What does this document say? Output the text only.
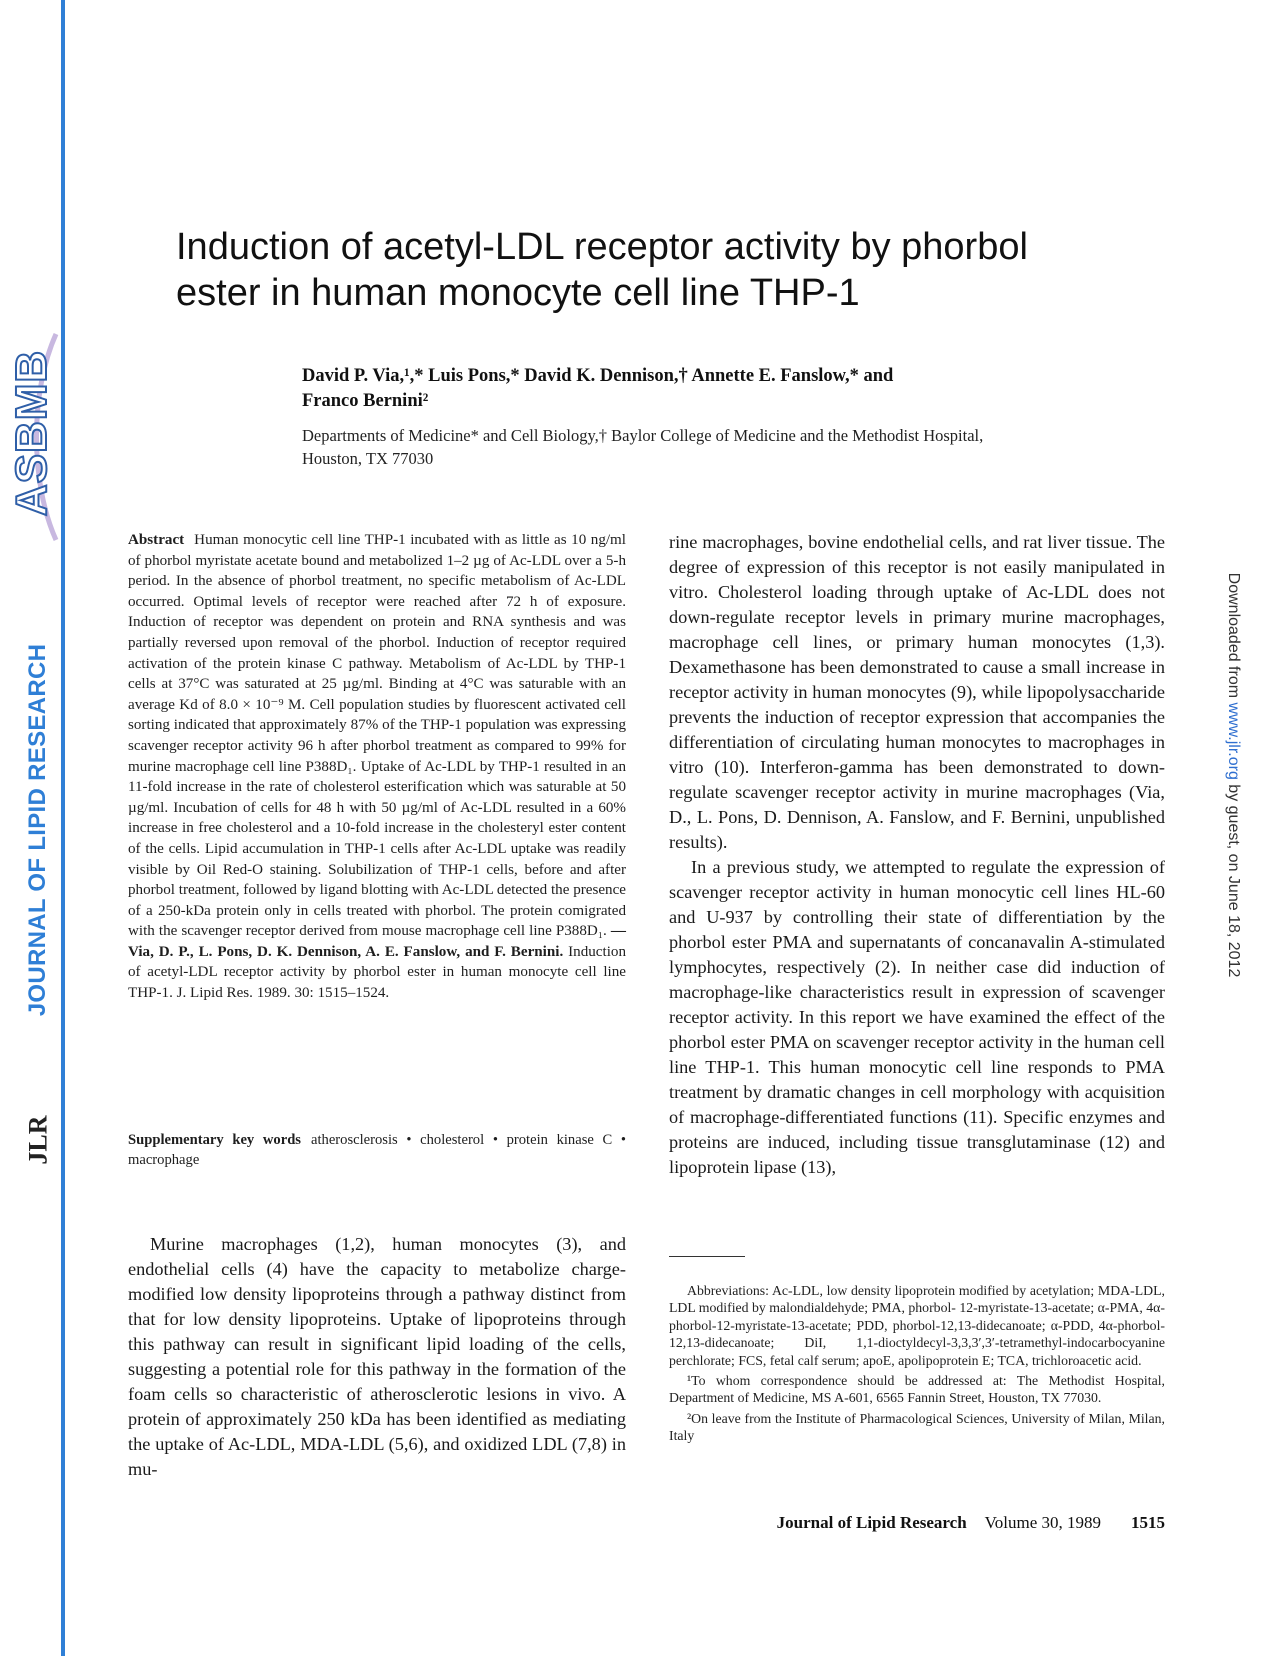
ASBMB
JOURNAL OF LIPID RESEARCH
JLR
Downloaded from www.jlr.org by guest, on June 18, 2012
Induction of acetyl-LDL receptor activity by phorbol
ester in human monocyte cell line THP-1
David P. Via,¹,* Luis Pons,* David K. Dennison,† Annette E. Fanslow,* and
Franco Bernini²
Departments of Medicine* and Cell Biology,† Baylor College of Medicine and the Methodist Hospital,
Houston, TX 77030
Abstract Human monocytic cell line THP-1 incubated with as little as 10 ng/ml of phorbol myristate acetate bound and metabolized 1–2 µg of Ac-LDL over a 5-h period. In the absence of phorbol treatment, no specific metabolism of Ac-LDL occurred. Optimal levels of receptor were reached after 72 h of exposure. Induction of receptor was dependent on protein and RNA synthesis and was partially reversed upon removal of the phorbol. Induction of receptor required activation of the protein kinase C pathway. Metabolism of Ac-LDL by THP-1 cells at 37°C was saturated at 25 µg/ml. Binding at 4°C was saturable with an average Kd of 8.0 × 10⁻⁹ M. Cell population studies by fluorescent activated cell sorting indicated that approximately 87% of the THP-1 population was expressing scavenger receptor activity 96 h after phorbol treatment as compared to 99% for murine macrophage cell line P388D₁. Uptake of Ac-LDL by THP-1 resulted in an 11-fold increase in the rate of cholesterol esterification which was saturable at 50 µg/ml. Incubation of cells for 48 h with 50 µg/ml of Ac-LDL resulted in a 60% increase in free cholesterol and a 10-fold increase in the cholesteryl ester content of the cells. Lipid accumulation in THP-1 cells after Ac-LDL uptake was readily visible by Oil Red-O staining. Solubilization of THP-1 cells, before and after phorbol treatment, followed by ligand blotting with Ac-LDL detected the presence of a 250-kDa protein only in cells treated with phorbol. The protein comigrated with the scavenger receptor derived from mouse macrophage cell line P388D₁. —Via, D. P., L. Pons, D. K. Dennison, A. E. Fanslow, and F. Bernini. Induction of acetyl-LDL receptor activity by phorbol ester in human monocyte cell line THP-1. J. Lipid Res. 1989. 30: 1515–1524.
Supplementary key words atherosclerosis • cholesterol • protein kinase C • macrophage
Murine macrophages (1,2), human monocytes (3), and endothelial cells (4) have the capacity to metabolize charge-modified low density lipoproteins through a pathway distinct from that for low density lipoproteins. Uptake of lipoproteins through this pathway can result in significant lipid loading of the cells, suggesting a potential role for this pathway in the formation of the foam cells so characteristic of atherosclerotic lesions in vivo. A protein of approximately 250 kDa has been identified as mediating the uptake of Ac-LDL, MDA-LDL (5,6), and oxidized LDL (7,8) in mu-

rine macrophages, bovine endothelial cells, and rat liver tissue. The degree of expression of this receptor is not easily manipulated in vitro. Cholesterol loading through uptake of Ac-LDL does not down-regulate receptor levels in primary murine macrophages, macrophage cell lines, or primary human monocytes (1,3). Dexamethasone has been demonstrated to cause a small increase in receptor activity in human monocytes (9), while lipopolysaccharide prevents the induction of receptor expression that accompanies the differentiation of circulating human monocytes to macrophages in vitro (10). Interferon-gamma has been demonstrated to down-regulate scavenger receptor activity in murine macrophages (Via, D., L. Pons, D. Dennison, A. Fanslow, and F. Bernini, unpublished results).

In a previous study, we attempted to regulate the expression of scavenger receptor activity in human monocytic cell lines HL-60 and U-937 by controlling their state of differentiation by the phorbol ester PMA and supernatants of concanavalin A-stimulated lymphocytes, respectively (2). In neither case did induction of macrophage-like characteristics result in expression of scavenger receptor activity. In this report we have examined the effect of the phorbol ester PMA on scavenger receptor activity in the human cell line THP-1. This human monocytic cell line responds to PMA treatment by dramatic changes in cell morphology with acquisition of macrophage-differentiated functions (11). Specific enzymes and proteins are induced, including tissue transglutaminase (12) and lipoprotein lipase (13),

Abbreviations: Ac-LDL, low density lipoprotein modified by acetylation; MDA-LDL, LDL modified by malondialdehyde; PMA, phorbol- 12-myristate-13-acetate; α-PMA, 4α-phorbol-12-myristate-13-acetate; PDD, phorbol-12,13-didecanoate; α-PDD, 4α-phorbol-12,13-didecanoate; DiI, 1,1-dioctyldecyl-3,3,3′,3′-tetramethyl-indocarbocyanine perchlorate; FCS, fetal calf serum; apoE, apolipoprotein E; TCA, trichloroacetic acid.

¹To whom correspondence should be addressed at: The Methodist Hospital, Department of Medicine, MS A-601, 6565 Fannin Street, Houston, TX 77030.

²On leave from the Institute of Pharmacological Sciences, University of Milan, Milan, Italy

Journal of Lipid Research Volume 30, 1989 1515
